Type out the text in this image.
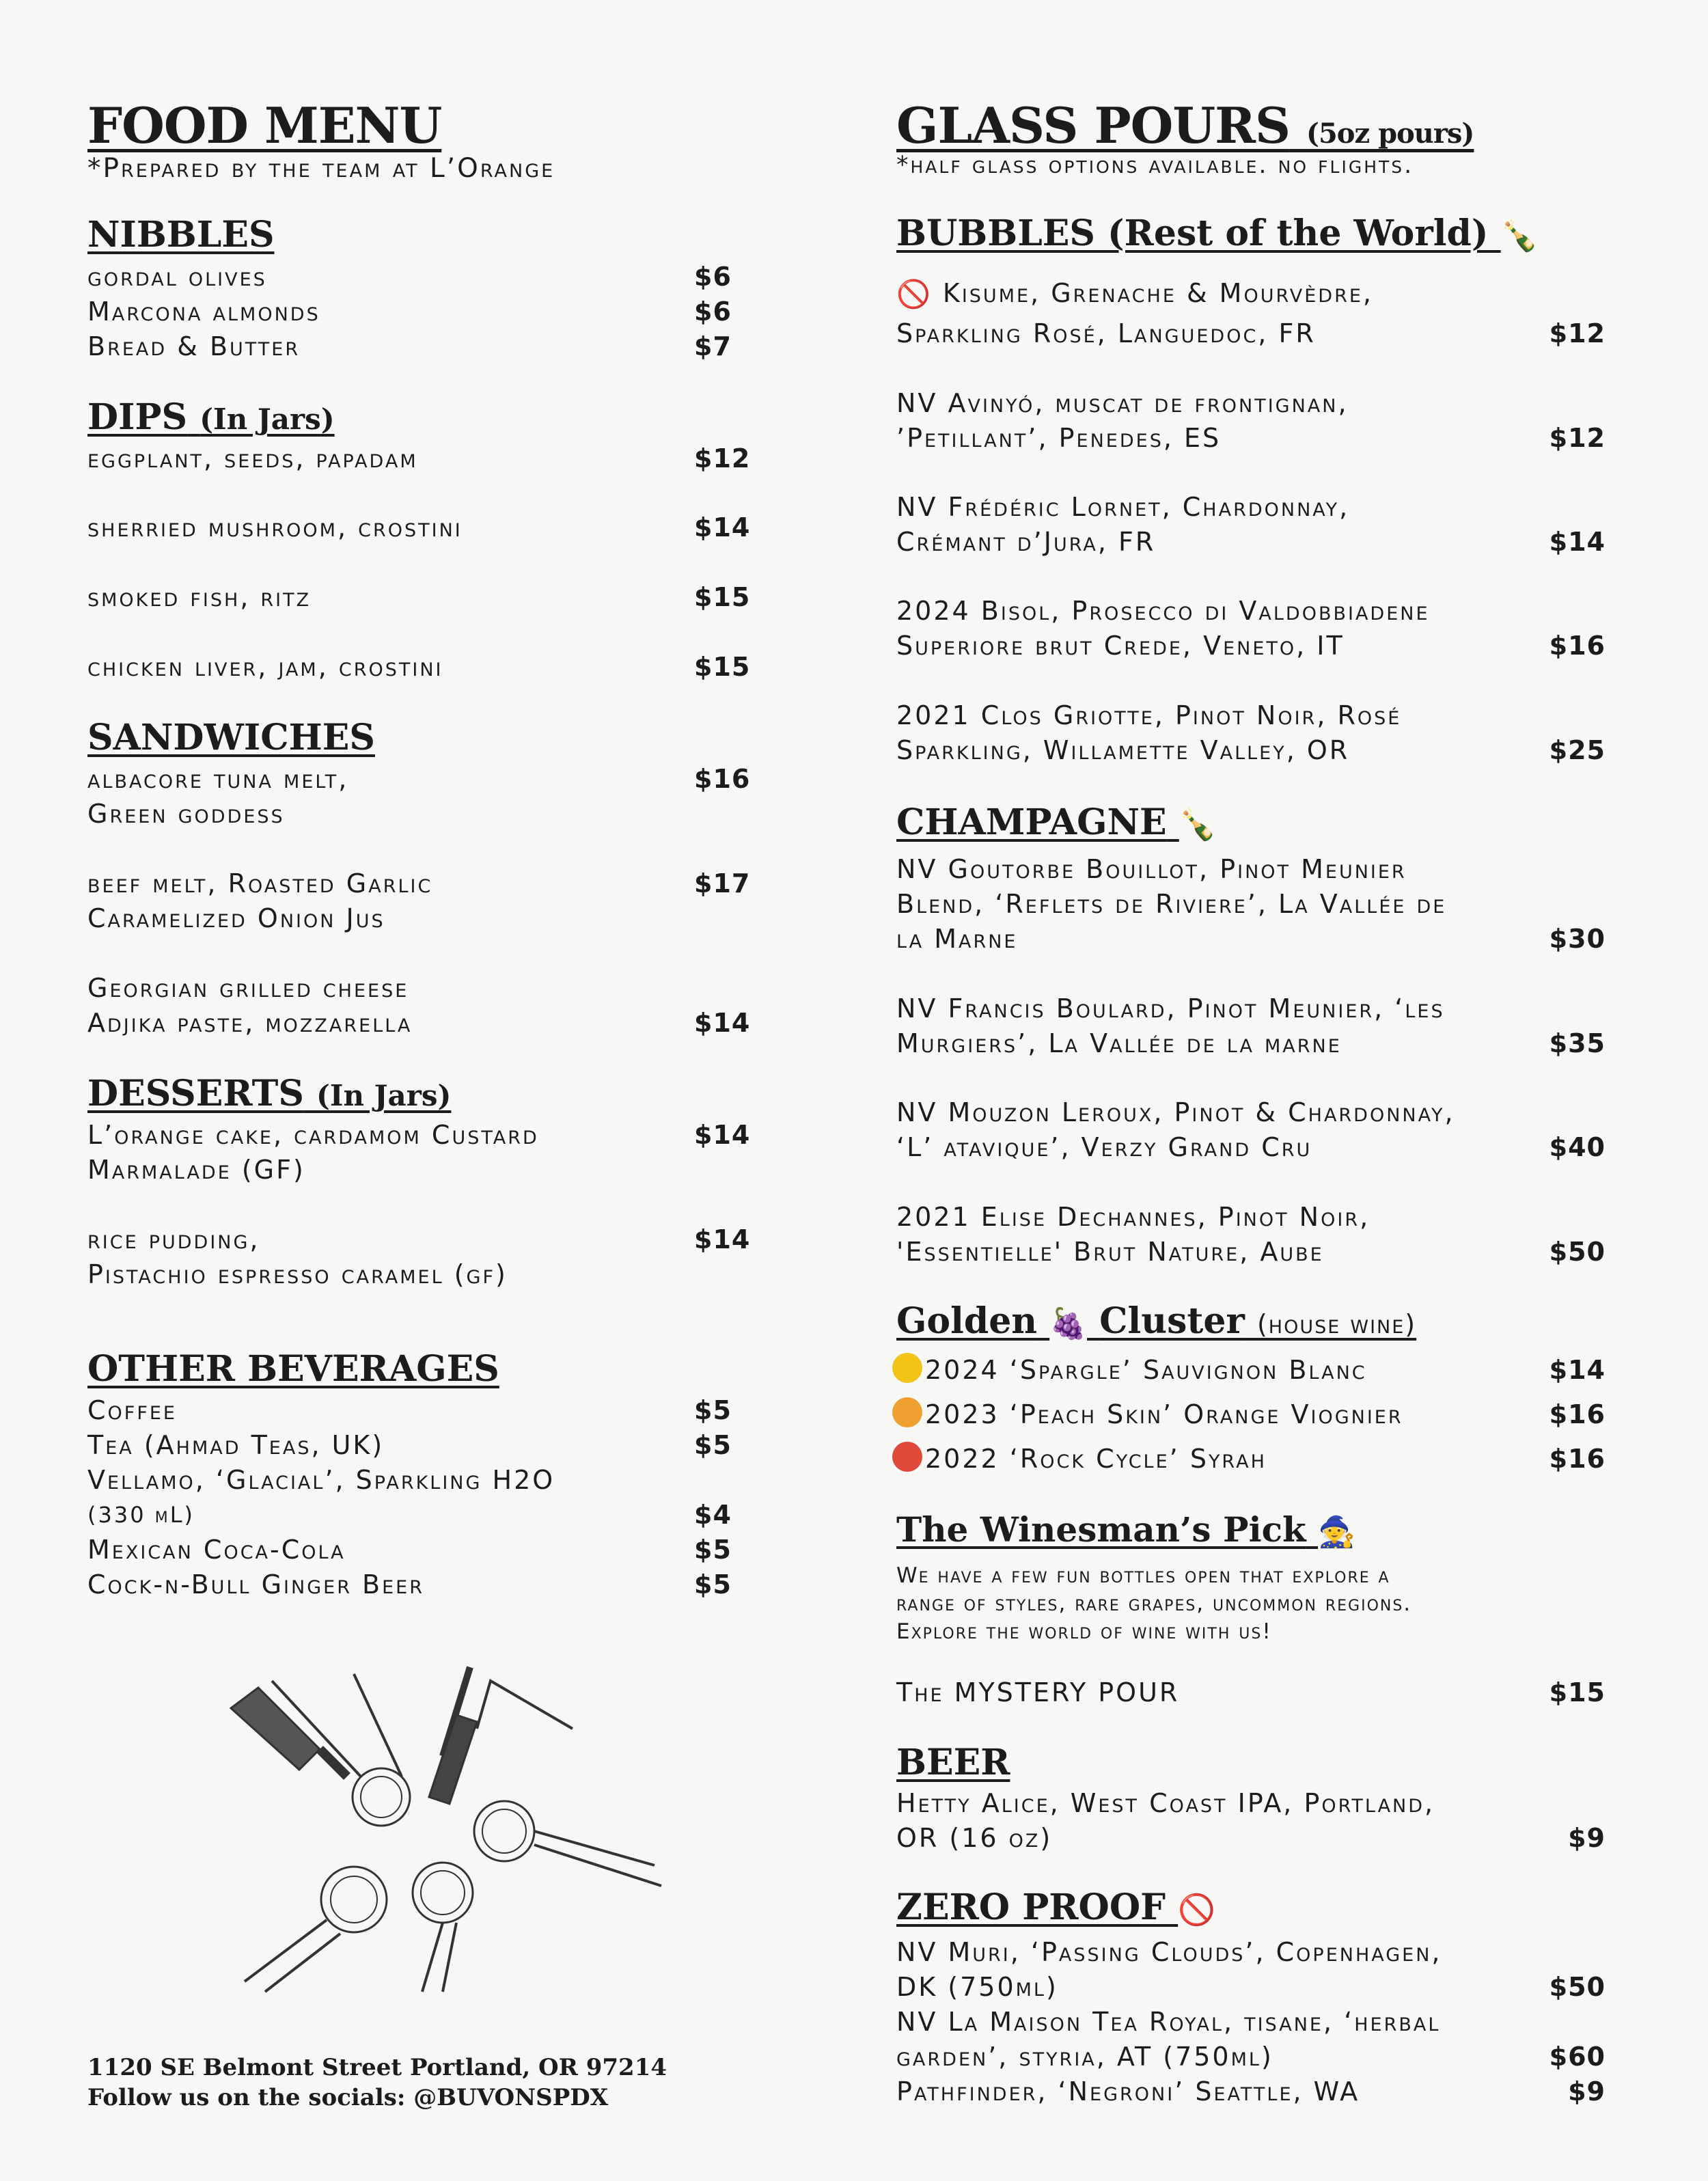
FOOD MENU
*Prepared by the team at L’Orange
NIBBLES
gordal olives	$6
Marcona almonds	$6
Bread & Butter	$7
DIPS (In Jars)
eggplant, seeds, papadam	$12
sherried mushroom, crostini	$14
smoked fish, ritz	$15
chicken liver, jam, crostini	$15
SANDWICHES
albacore tuna melt,	$16
Green goddess
beef melt, Roasted Garlic	$17
Caramelized Onion Jus
Georgian grilled cheese
Adjika paste, mozzarella	$14
DESSERTS (In Jars)
L’orange cake, cardamom Custard	$14
Marmalade (GF)
rice pudding,	$14
Pistachio espresso caramel (gf)
OTHER BEVERAGES
Coffee	$5
Tea (Ahmad Teas, UK)	$5
Vellamo, ‘Glacial’, Sparkling H2O
(330 mL)	$4
Mexican Coca-Cola	$5
Cock-n-Bull Ginger Beer	$5
1120 SE Belmont Street Portland, OR 97214
Follow us on the socials: @BUVONSPDX
GLASS POURS (5oz pours)
*half glass options available. no flights.
BUBBLES (Rest of the World) 🍾
🚫 Kisume, Grenache & Mourvèdre,
Sparkling Rosé, Languedoc, FR	$12
NV Avinyó, muscat de frontignan,
’Petillant’, Penedes, ES	$12
NV Frédéric Lornet, Chardonnay,
Crémant d’Jura, FR	$14
2024 Bisol, Prosecco di Valdobbiadene
Superiore brut Crede, Veneto, IT	$16
2021 Clos Griotte, Pinot Noir, Rosé
Sparkling, Willamette Valley, OR	$25
CHAMPAGNE 🍾
NV Goutorbe Bouillot, Pinot Meunier
Blend, ‘Reflets de Riviere’, La Vallée de
la Marne	$30
NV Francis Boulard, Pinot Meunier, ‘les
Murgiers’, La Vallée de la marne	$35
NV Mouzon Leroux, Pinot & Chardonnay,
‘L’ atavique’, Verzy Grand Cru	$40
2021 Elise Dechannes, Pinot Noir,
'Essentielle' Brut Nature, Aube	$50
Golden 🍇 Cluster (house wine)
2024 ‘Spargle’ Sauvignon Blanc	$14
2023 ‘Peach Skin’ Orange Viognier	$16
2022 ‘Rock Cycle’ Syrah	$16
The Winesman’s Pick 🧙
We have a few fun bottles open that explore a
range of styles, rare grapes, uncommon regions.
Explore the world of wine with us!
The MYSTERY POUR	$15
BEER
Hetty Alice, West Coast IPA, Portland,
OR (16 oz)	$9
ZERO PROOF 🚫
NV Muri, ‘Passing Clouds’, Copenhagen,
DK (750ml)	$50
NV La Maison Tea Royal, tisane, ‘herbal
garden’, styria, AT (750ml)	$60
Pathfinder, ‘Negroni’ Seattle, WA	$9
